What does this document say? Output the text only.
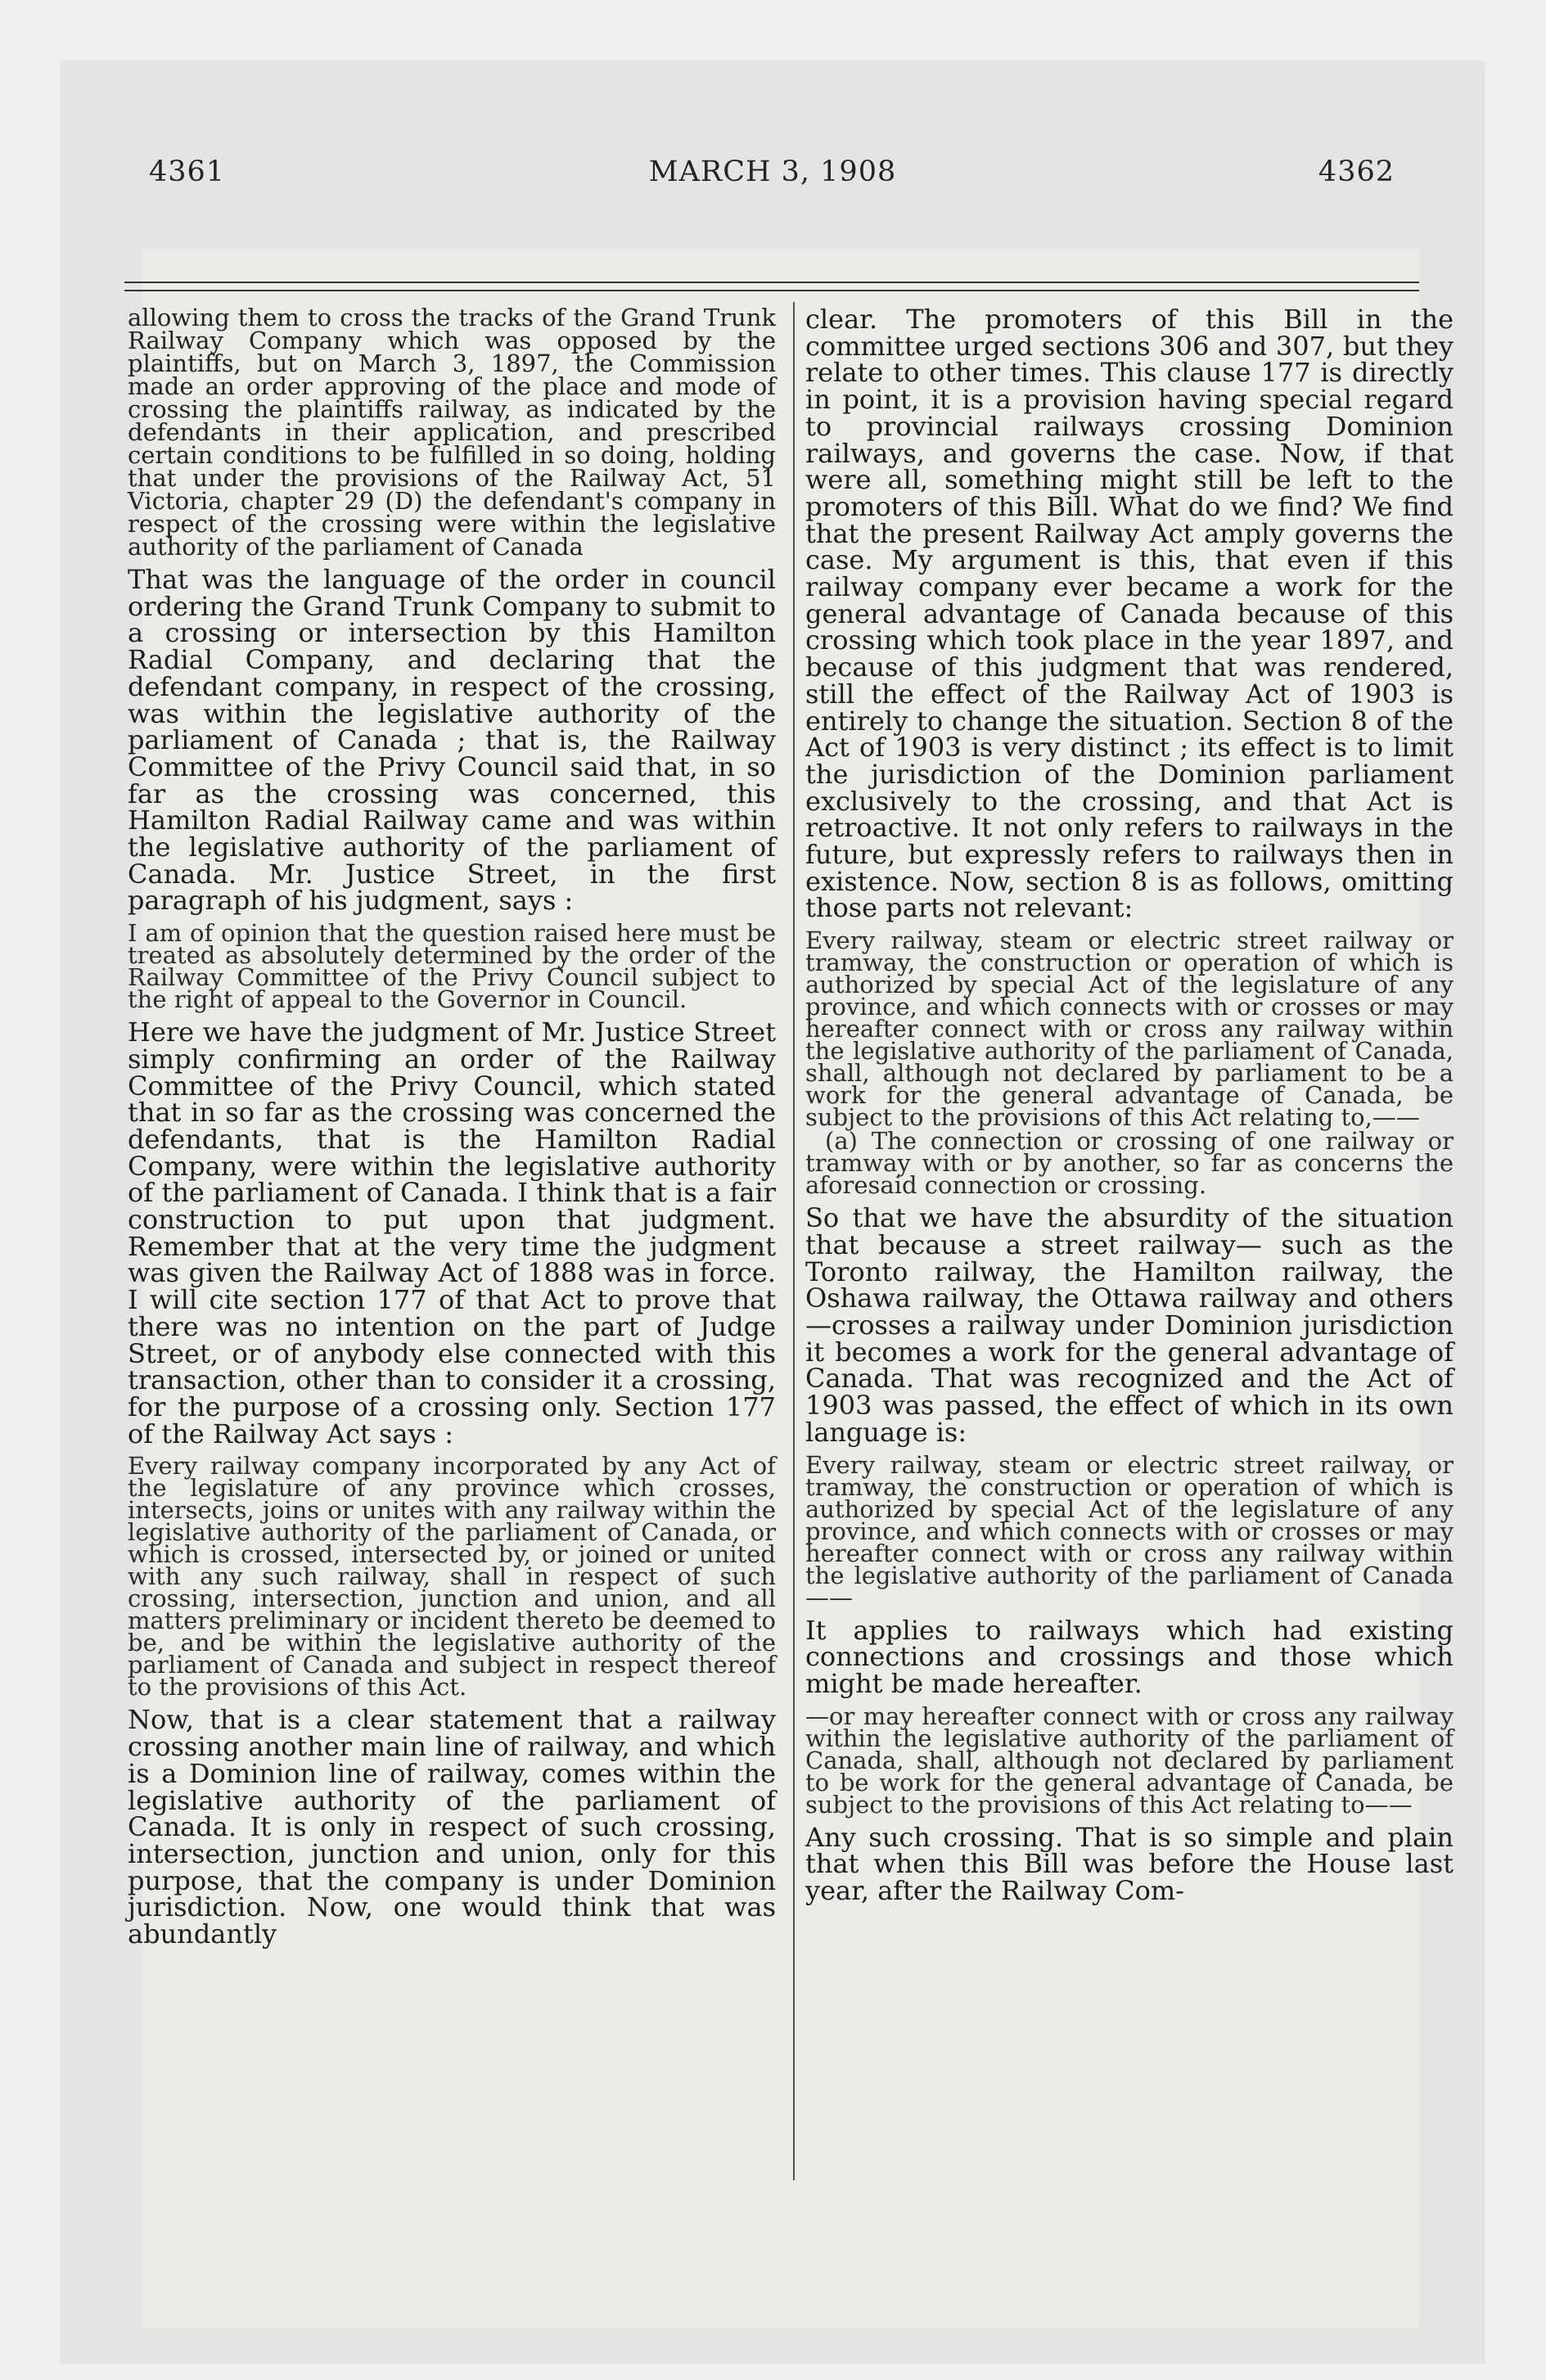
4361	MARCH 3, 1908	4362

allowing them to cross the tracks of the Grand Trunk Railway Company which was opposed by the plaintiffs, but on March 3, 1897, the Commission made an order approving of the place and mode of crossing the plaintiffs railway, as indicated by the defendants in their application, and prescribed certain conditions to be fulfilled in so doing, holding that under the provisions of the Railway Act, 51 Victoria, chapter 29 (D) the defendant's company in respect of the crossing were within the legislative authority of the parliament of Canada

That was the language of the order in council ordering the Grand Trunk Company to submit to a crossing or intersection by this Hamilton Radial Company, and declaring that the defendant company, in respect of the crossing, was within the legislative authority of the parliament of Canada ; that is, the Railway Committee of the Privy Council said that, in so far as the crossing was concerned, this Hamilton Radial Railway came and was within the legislative authority of the parliament of Canada. Mr. Justice Street, in the first paragraph of his judgment, says :

I am of opinion that the question raised here must be treated as absolutely determined by the order of the Railway Committee of the Privy Council subject to the right of appeal to the Governor in Council.

Here we have the judgment of Mr. Justice Street simply confirming an order of the Railway Committee of the Privy Council, which stated that in so far as the crossing was concerned the defendants, that is the Hamilton Radial Company, were within the legislative authority of the parliament of Canada. I think that is a fair construction to put upon that judgment. Remember that at the very time the judgment was given the Railway Act of 1888 was in force. I will cite section 177 of that Act to prove that there was no intention on the part of Judge Street, or of anybody else connected with this transaction, other than to consider it a crossing, for the purpose of a crossing only. Section 177 of the Railway Act says :

Every railway company incorporated by any Act of the legislature of any province which crosses, intersects, joins or unites with any railway within the legislative authority of the parliament of Canada, or which is crossed, intersected by, or joined or united with any such railway, shall in respect of such crossing, intersection, junction and union, and all matters preliminary or incident thereto be deemed to be, and be within the legislative authority of the parliament of Canada and subject in respect thereof to the provisions of this Act.

Now, that is a clear statement that a railway crossing another main line of railway, and which is a Dominion line of railway, comes within the legislative authority of the parliament of Canada. It is only in respect of such crossing, intersection, junction and union, only for this purpose, that the company is under Dominion jurisdiction. Now, one would think that was abundantly

clear. The promoters of this Bill in the committee urged sections 306 and 307, but they relate to other times. This clause 177 is directly in point, it is a provision having special regard to provincial railways crossing Dominion railways, and governs the case. Now, if that were all, something might still be left to the promoters of this Bill. What do we find? We find that the present Railway Act amply governs the case. My argument is this, that even if this railway company ever became a work for the general advantage of Canada because of this crossing which took place in the year 1897, and because of this judgment that was rendered, still the effect of the Railway Act of 1903 is entirely to change the situation. Section 8 of the Act of 1903 is very distinct ; its effect is to limit the jurisdiction of the Dominion parliament exclusively to the crossing, and that Act is retroactive. It not only refers to railways in the future, but expressly refers to railways then in existence. Now, section 8 is as follows, omitting those parts not relevant:

Every railway, steam or electric street railway or tramway, the construction or operation of which is authorized by special Act of the legislature of any province, and which connects with or crosses or may hereafter connect with or cross any railway within the legislative authority of the parliament of Canada, shall, although not declared by parliament to be a work for the general advantage of Canada, be subject to the provisions of this Act relating to,——

(a) The connection or crossing of one railway or tramway with or by another, so far as concerns the aforesaid connection or crossing.

So that we have the absurdity of the situation that because a street railway— such as the Toronto railway, the Hamilton railway, the Oshawa railway, the Ottawa railway and others—crosses a railway under Dominion jurisdiction it becomes a work for the general advantage of Canada. That was recognized and the Act of 1903 was passed, the effect of which in its own language is:

Every railway, steam or electric street railway, or tramway, the construction or operation of which is authorized by special Act of the legislature of any province, and which connects with or crosses or may hereafter connect with or cross any railway within the legislative authority of the parliament of Canada——

It applies to railways which had existing connections and crossings and those which might be made hereafter.

—or may hereafter connect with or cross any railway within the legislative authority of the parliament of Canada, shall, although not declared by parliament to be work for the general advantage of Canada, be subject to the provisions of this Act relating to——

Any such crossing. That is so simple and plain that when this Bill was before the House last year, after the Railway Com-
